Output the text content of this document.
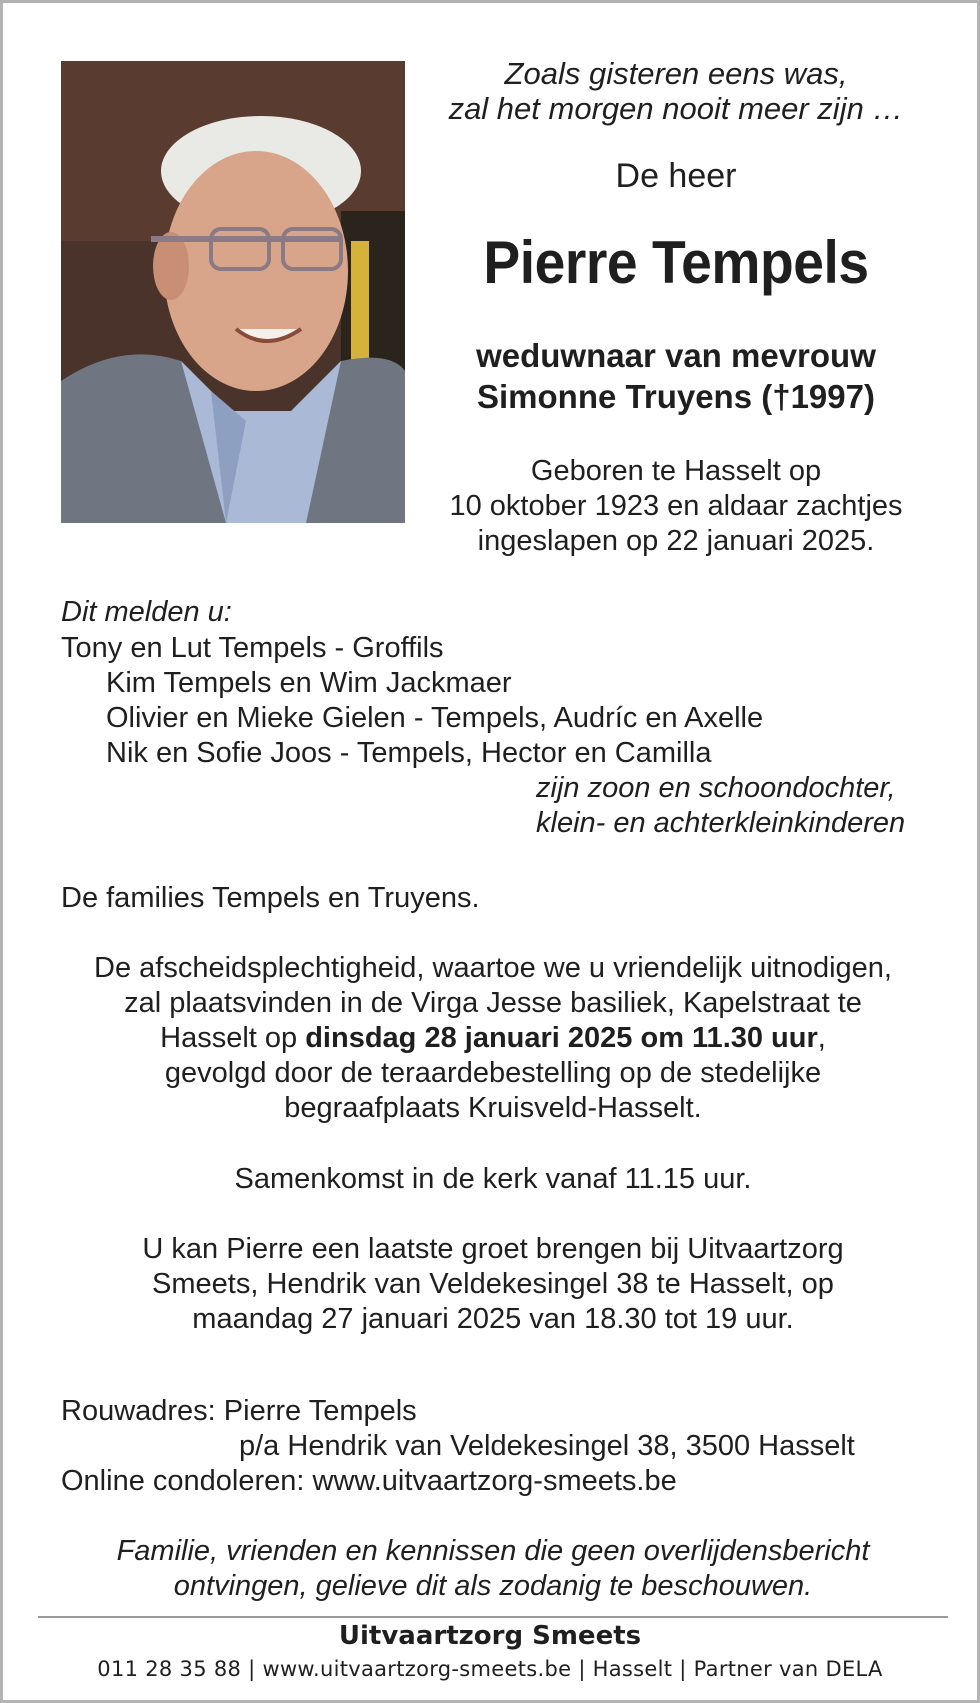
Zoals gisteren eens was,
zal het morgen nooit meer zijn …

De heer

Pierre Tempels

weduwnaar van mevrouw
Simonne Truyens (†1997)

Geboren te Hasselt op
10 oktober 1923 en aldaar zachtjes
ingeslapen op 22 januari 2025.

Dit melden u:

Tony en Lut Tempels - Groffils

Kim Tempels en Wim Jackmaer

Olivier en Mieke Gielen - Tempels, Audríc en Axelle

Nik en Sofie Joos - Tempels, Hector en Camilla

zijn zoon en schoondochter,

klein- en achterkleinkinderen

De families Tempels en Truyens.

De afscheidsplechtigheid, waartoe we u vriendelijk uitnodigen,
zal plaatsvinden in de Virga Jesse basiliek, Kapelstraat te
Hasselt op dinsdag 28 januari 2025 om 11.30 uur,
gevolgd door de teraardebestelling op de stedelijke
begraafplaats Kruisveld-Hasselt.

Samenkomst in de kerk vanaf 11.15 uur.

U kan Pierre een laatste groet brengen bij Uitvaartzorg
Smeets, Hendrik van Veldekesingel 38 te Hasselt, op
maandag 27 januari 2025 van 18.30 tot 19 uur.

Rouwadres: Pierre Tempels

p/a Hendrik van Veldekesingel 38, 3500 Hasselt

Online condoleren: www.uitvaartzorg-smeets.be

Familie, vrienden en kennissen die geen overlijdensbericht
ontvingen, gelieve dit als zodanig te beschouwen.

Uitvaartzorg Smeets

011 28 35 88 | www.uitvaartzorg-smeets.be | Hasselt | Partner van DELA
